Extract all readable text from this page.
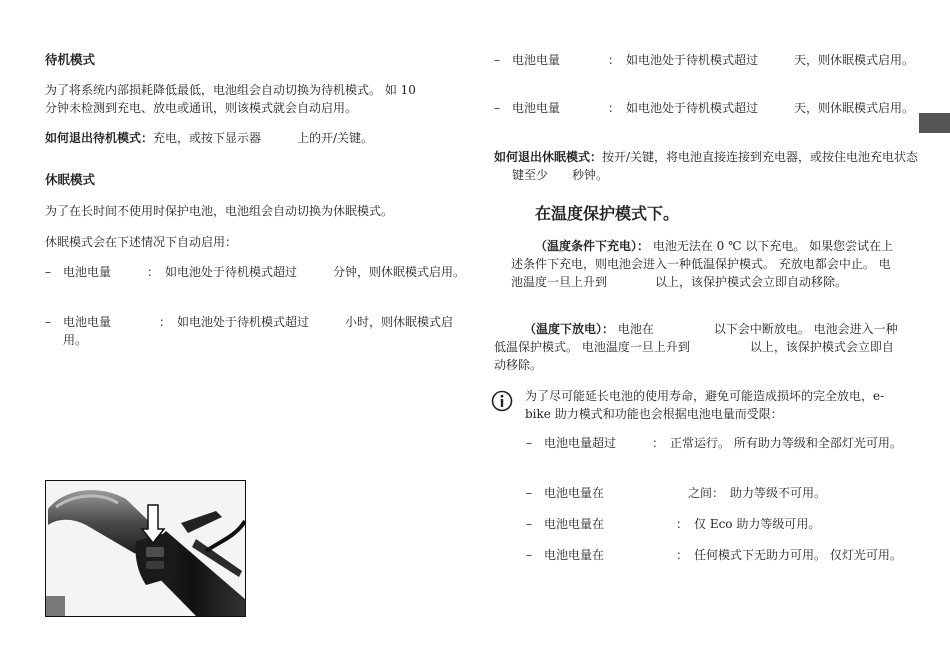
待机模式
为了将系统内部损耗降低最低，电池组会自动切换为待机模式。 如 10
分钟未检测到充电、放电或通讯，则该模式就会自动启用。
如何退出待机模式：充电，或按下显示器　　　上的开/关键。
休眠模式
为了在长时间不使用时保护电池，电池组会自动切换为休眠模式。
休眠模式会在下述情况下自动启用：
– 电池电量　　　：　如电池处于待机模式超过　　　分钟，则休眠模式启用。
– 电池电量　　　　：　如电池处于待机模式超过　　　小时，则休眠模式启用。
– 电池电量　　　　：　如电池处于待机模式超过　　　天，则休眠模式启用。
– 电池电量　　　　：　如电池处于待机模式超过　　　天，则休眠模式启用。
如何退出休眠模式：按开/关键，将电池直接连接到充电器，或按住电池充电状态键至少　　秒钟。
在温度保护模式下。
（温度条件下充电）： 电池无法在 0 ℃ 以下充电。 如果您尝试在上述条件下充电，则电池会进入一种低温保护模式。 充放电都会中止。 电池温度一旦上升到　　　　以上，该保护模式会立即自动移除。
（温度下放电）： 电池在　　　　　以下会中断放电。 电池会进入一种低温保护模式。 电池温度一旦上升到　　　　　以上，该保护模式会立即自动移除。
为了尽可能延长电池的使用寿命，避免可能造成损坏的完全放电，e-bike 助力模式和功能也会根据电池电量而受限：
– 电池电量超过　　　：　正常运行。 所有助力等级和全部灯光可用。
– 电池电量在　　　　　　　之间：　助力等级不可用。
– 电池电量在　　　　　　：　仅 Eco 助力等级可用。
– 电池电量在　　　　　　：　任何模式下无助力可用。 仅灯光可用。
